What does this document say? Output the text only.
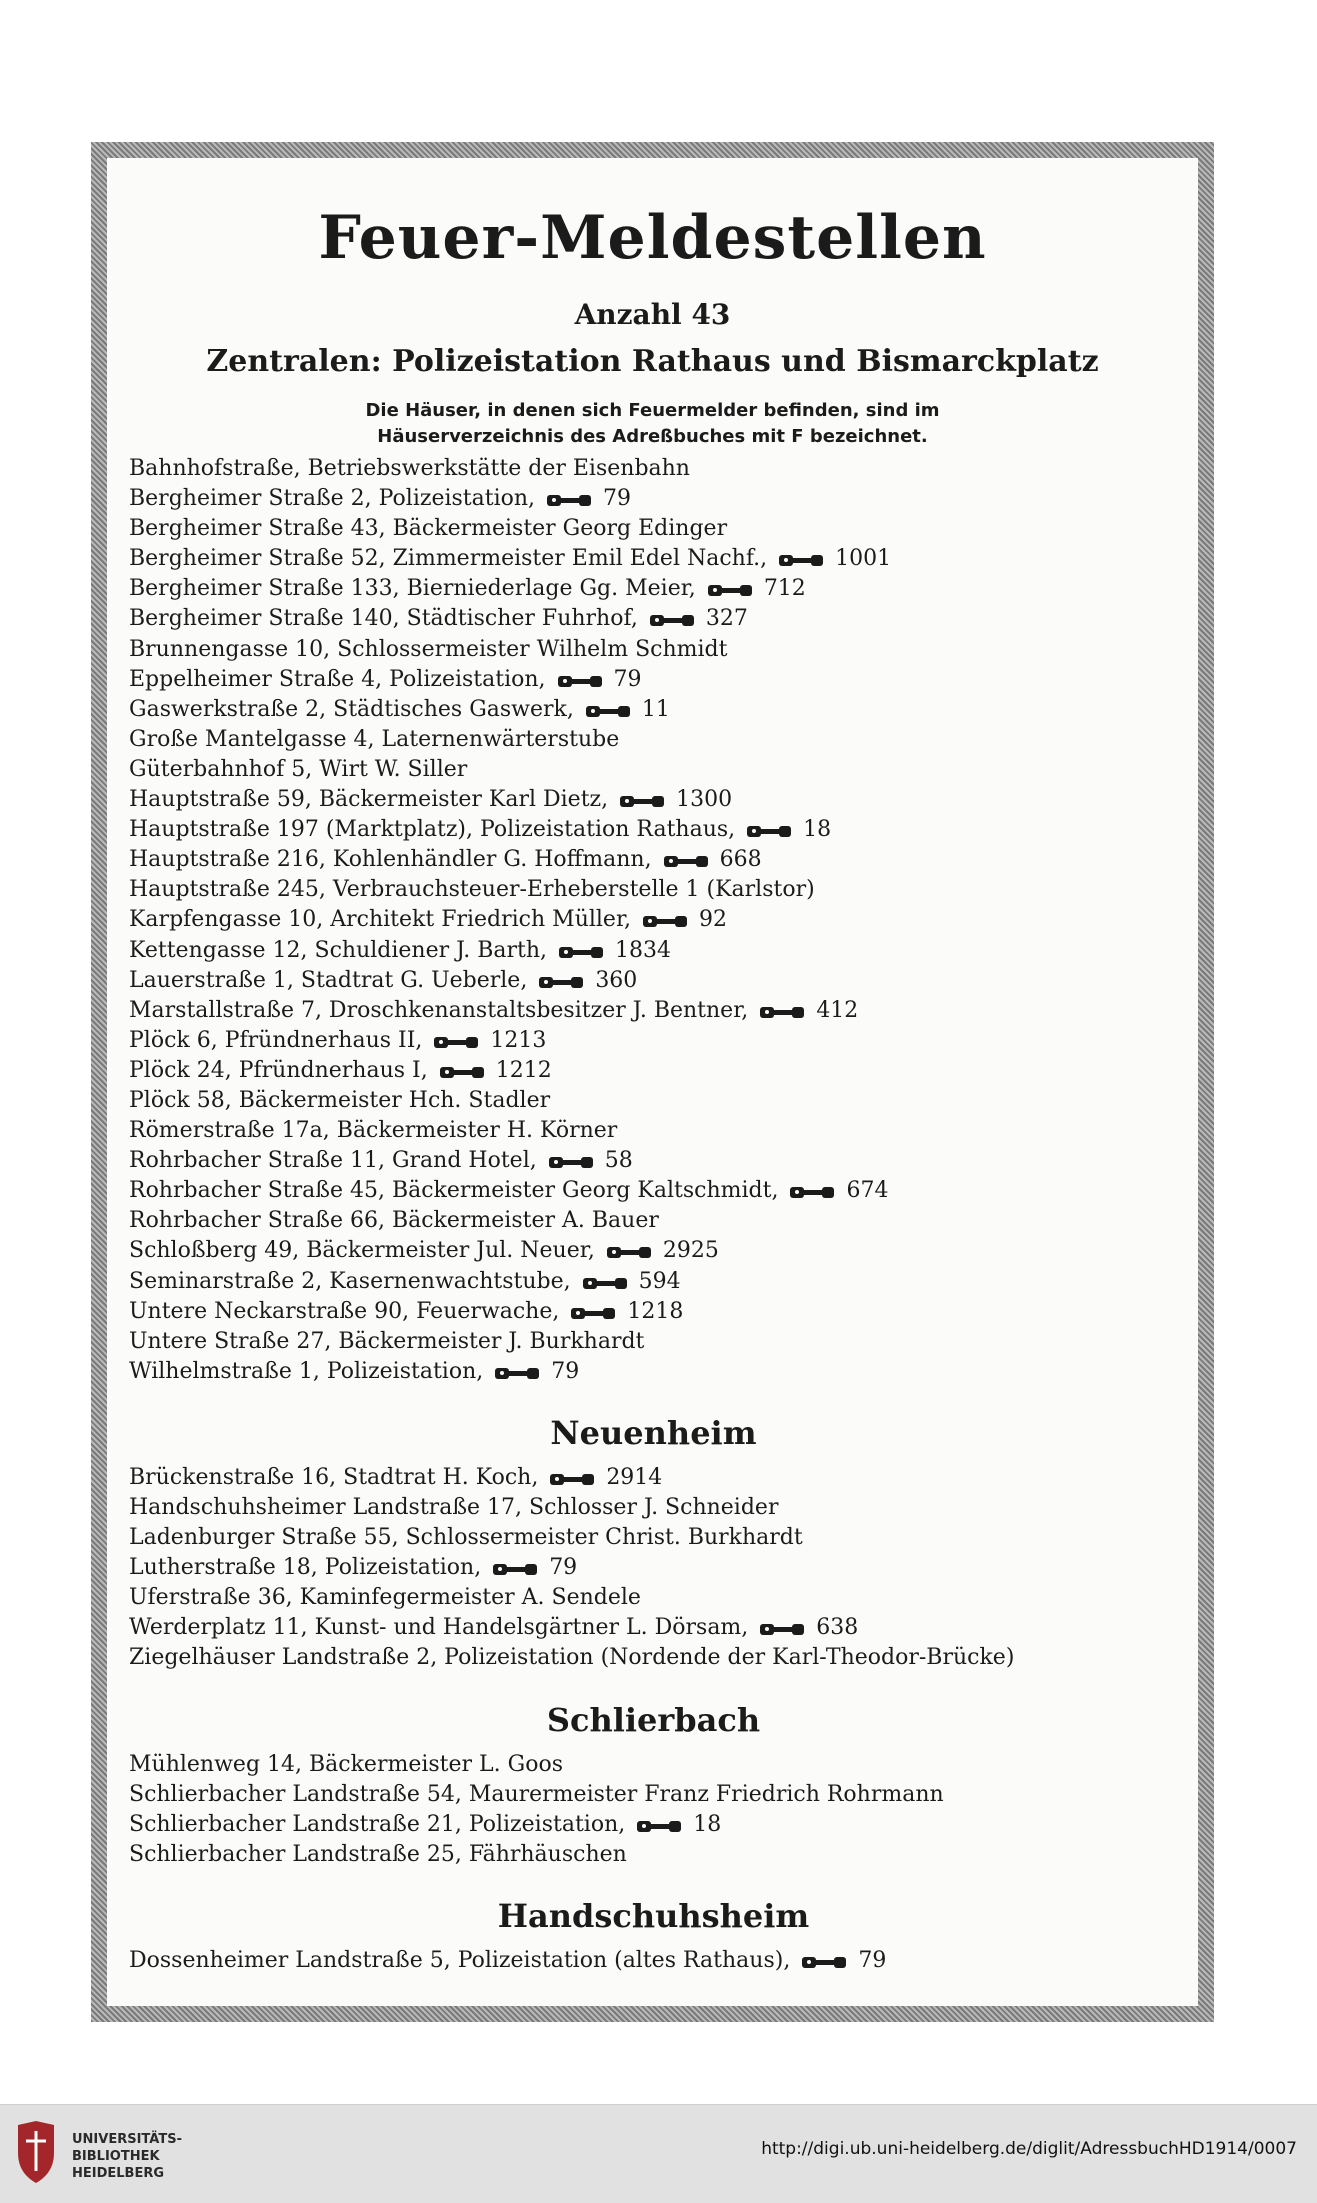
Feuer-Meldestellen
Anzahl 43
Zentralen: Polizeistation Rathaus und Bismarckplatz
Die Häuser, in denen sich Feuermelder befinden, sind im
Häuserverzeichnis des Adreßbuches mit F bezeichnet.
Bahnhofstraße, Betriebswerkstätte der Eisenbahn
Bergheimer Straße 2, Polizeistation,	79
Bergheimer Straße 43, Bäckermeister Georg Edinger
Bergheimer Straße 52, Zimmermeister Emil Edel Nachf.,	1001
Bergheimer Straße 133, Bierniederlage Gg. Meier,	712
Bergheimer Straße 140, Städtischer Fuhrhof,	327
Brunnengasse 10, Schlossermeister Wilhelm Schmidt
Eppelheimer Straße 4, Polizeistation,	79
Gaswerkstraße 2, Städtisches Gaswerk,	11
Große Mantelgasse 4, Laternenwärterstube
Güterbahnhof 5, Wirt W. Siller
Hauptstraße 59, Bäckermeister Karl Dietz,	1300
Hauptstraße 197 (Marktplatz), Polizeistation Rathaus,	18
Hauptstraße 216, Kohlenhändler G. Hoffmann,	668
Hauptstraße 245, Verbrauchsteuer-Erheberstelle 1 (Karlstor)
Karpfengasse 10, Architekt Friedrich Müller,	92
Kettengasse 12, Schuldiener J. Barth,	1834
Lauerstraße 1, Stadtrat G. Ueberle,	360
Marstallstraße 7, Droschkenanstaltsbesitzer J. Bentner,	412
Plöck 6, Pfründnerhaus II,	1213
Plöck 24, Pfründnerhaus I,	1212
Plöck 58, Bäckermeister Hch. Stadler
Römerstraße 17a, Bäckermeister H. Körner
Rohrbacher Straße 11, Grand Hotel,	58
Rohrbacher Straße 45, Bäckermeister Georg Kaltschmidt,	674
Rohrbacher Straße 66, Bäckermeister A. Bauer
Schloßberg 49, Bäckermeister Jul. Neuer,	2925
Seminarstraße 2, Kasernenwachtstube,	594
Untere Neckarstraße 90, Feuerwache,	1218
Untere Straße 27, Bäckermeister J. Burkhardt
Wilhelmstraße 1, Polizeistation,	79
Neuenheim
Brückenstraße 16, Stadtrat H. Koch,	2914
Handschuhsheimer Landstraße 17, Schlosser J. Schneider
Ladenburger Straße 55, Schlossermeister Christ. Burkhardt
Lutherstraße 18, Polizeistation,	79
Uferstraße 36, Kaminfegermeister A. Sendele
Werderplatz 11, Kunst- und Handelsgärtner L. Dörsam,	638
Ziegelhäuser Landstraße 2, Polizeistation (Nordende der Karl-Theodor-Brücke)
Schlierbach
Mühlenweg 14, Bäckermeister L. Goos
Schlierbacher Landstraße 54, Maurermeister Franz Friedrich Rohrmann
Schlierbacher Landstraße 21, Polizeistation,	18
Schlierbacher Landstraße 25, Fährhäuschen
Handschuhsheim
Dossenheimer Landstraße 5, Polizeistation (altes Rathaus),	79
UNIVERSITÄTS-
BIBLIOTHEK
HEIDELBERG
http://digi.ub.uni-heidelberg.de/diglit/AdressbuchHD1914/0007
